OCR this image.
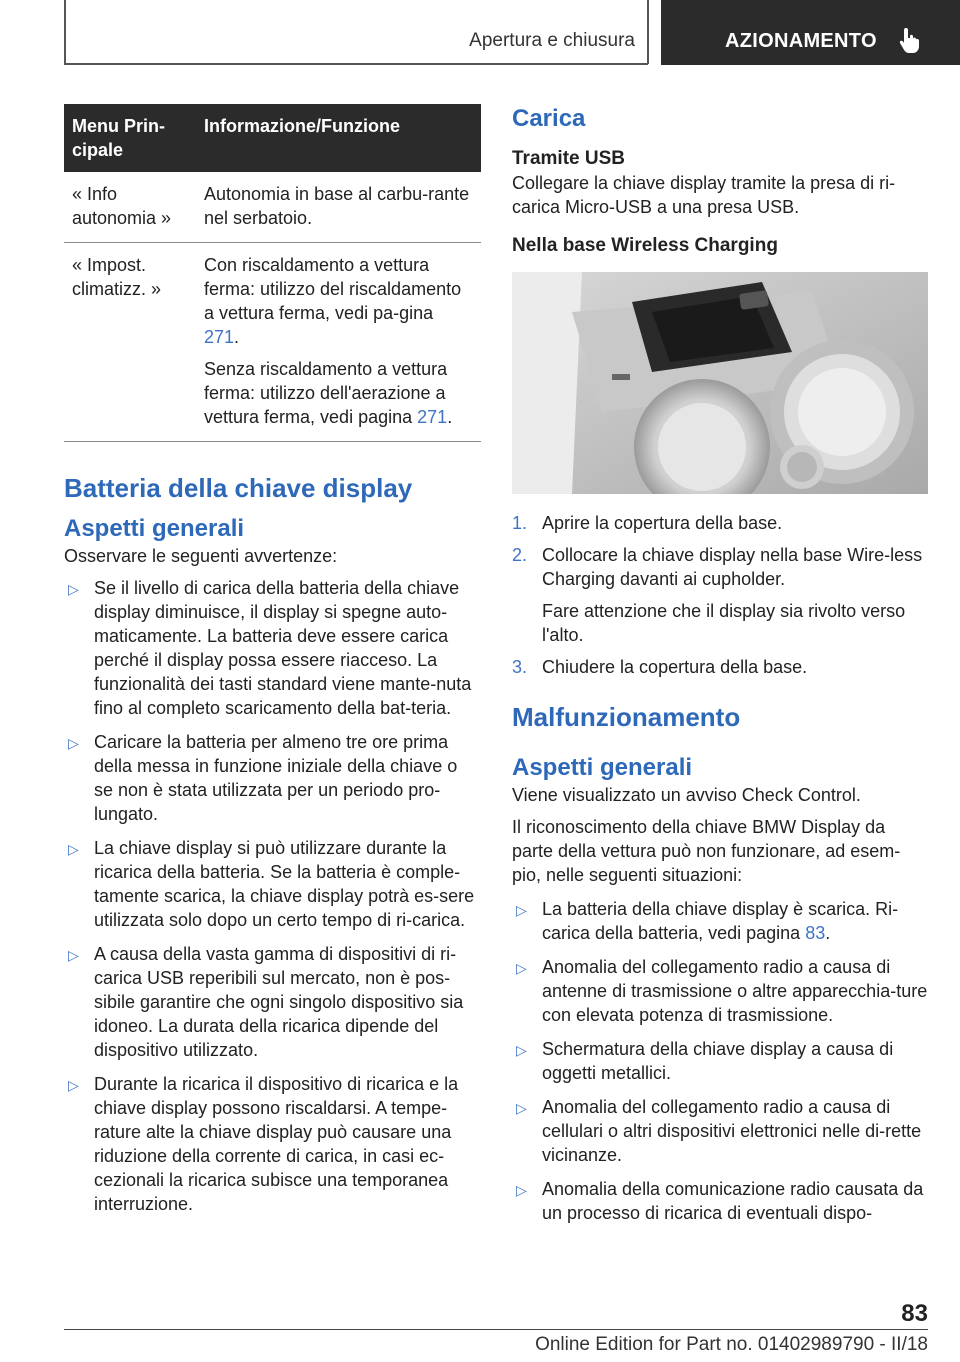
Apertura e chiusura	AZIONAMENTO
Menu Prin-cipale	Informazione/Funzione
« Info autonomia »	Autonomia in base al carbu-rante nel serbatoio.

« Impost. climatizz. »	Con riscaldamento a vettura ferma: utilizzo del riscaldamento a vettura ferma, vedi pa-gina 271.

Senza riscaldamento a vettura ferma: utilizzo dell'aerazione a vettura ferma, vedi pagina 271.

Batteria della chiave display
Aspetti generali

Osservare le seguenti avvertenze:

▷ Se il livello di carica della batteria della chiave display diminuisce, il display si spegne auto-maticamente. La batteria deve essere carica perché il display possa essere riacceso. La funzionalità dei tasti standard viene mante-nuta fino al completo scaricamento della bat-teria.
▷ Caricare la batteria per almeno tre ore prima della messa in funzione iniziale della chiave o se non è stata utilizzata per un periodo pro-lungato.
▷ La chiave display si può utilizzare durante la ricarica della batteria. Se la batteria è comple-tamente scarica, la chiave display potrà es-sere utilizzata solo dopo un certo tempo di ri-carica.
▷ A causa della vasta gamma di dispositivi di ri-carica USB reperibili sul mercato, non è pos-sibile garantire che ogni singolo dispositivo sia idoneo. La durata della ricarica dipende del dispositivo utilizzato.
▷ Durante la ricarica il dispositivo di ricarica e la chiave display possono riscaldarsi. A tempe-rature alte la chiave display può causare una riduzione della corrente di carica, in casi ec-cezionali la ricarica subisce una temporanea interruzione.
Carica
Tramite USB

Collegare la chiave display tramite la presa di ri-carica Micro-USB a una presa USB.

Nella base Wireless Charging
1. Aprire la copertura della base.

2. Collocare la chiave display nella base Wire-less Charging davanti ai cupholder.

Fare attenzione che il display sia rivolto verso l'alto.

3. Chiudere la copertura della base.

Malfunzionamento
Aspetti generali

Viene visualizzato un avviso Check Control.

Il riconoscimento della chiave BMW Display da parte della vettura può non funzionare, ad esem-pio, nelle seguenti situazioni:

▷ La batteria della chiave display è scarica. Ri-carica della batteria, vedi pagina 83.
▷ Anomalia del collegamento radio a causa di antenne di trasmissione o altre apparecchia-ture con elevata potenza di trasmissione.
▷ Schermatura della chiave display a causa di oggetti metallici.
▷ Anomalia del collegamento radio a causa di cellulari o altri dispositivi elettronici nelle di-rette vicinanze.
▷ Anomalia della comunicazione radio causata da un processo di ricarica di eventuali dispo-
83
Online Edition for Part no. 01402989790 - II/18
